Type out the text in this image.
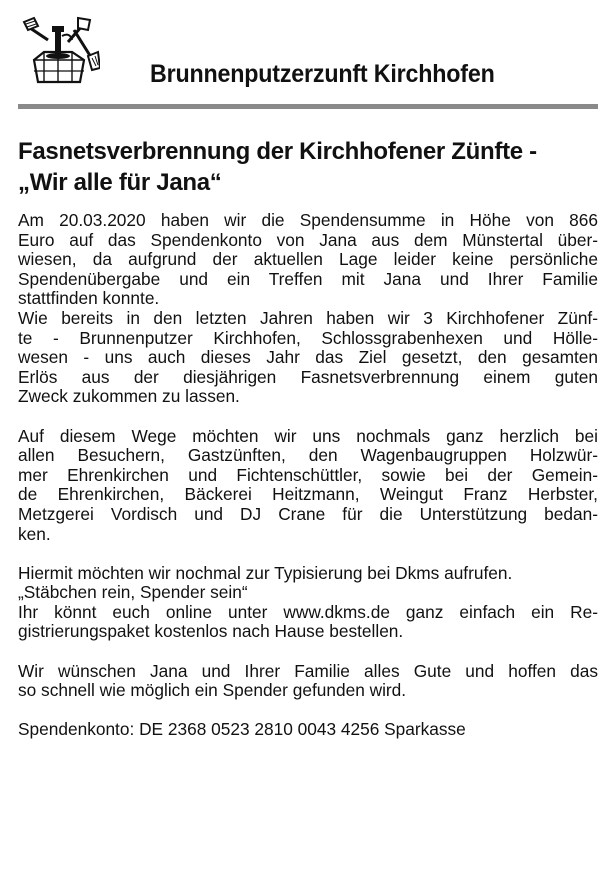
Brunnenputzerzunft Kirchhofen
Fasnetsverbrennung der Kirchhofener Zünfte -
„Wir alle für Jana“
Am 20.03.2020 haben wir die Spendensumme in Höhe von 866
Euro auf das Spendenkonto von Jana aus dem Münstertal über-
wiesen, da aufgrund der aktuellen Lage leider keine persönliche
Spendenübergabe und ein Treffen mit Jana und Ihrer Familie
stattfinden konnte.
Wie bereits in den letzten Jahren haben wir 3 Kirchhofener Zünf-
te - Brunnenputzer Kirchhofen, Schlossgrabenhexen und Hölle-
wesen - uns auch dieses Jahr das Ziel gesetzt, den gesamten
Erlös aus der diesjährigen Fasnetsverbrennung einem guten
Zweck zukommen zu lassen.
Auf diesem Wege möchten wir uns nochmals ganz herzlich bei
allen Besuchern, Gastzünften, den Wagenbaugruppen Holzwür-
mer Ehrenkirchen und Fichtenschüttler, sowie bei der Gemein-
de Ehrenkirchen, Bäckerei Heitzmann, Weingut Franz Herbster,
Metzgerei Vordisch und DJ Crane für die Unterstützung bedan-
ken.
Hiermit möchten wir nochmal zur Typisierung bei Dkms aufrufen.
„Stäbchen rein, Spender sein“
Ihr könnt euch online unter www.dkms.de ganz einfach ein Re-
gistrierungspaket kostenlos nach Hause bestellen.
Wir wünschen Jana und Ihrer Familie alles Gute und hoffen das
so schnell wie möglich ein Spender gefunden wird.
Spendenkonto: DE 2368 0523 2810 0043 4256 Sparkasse
